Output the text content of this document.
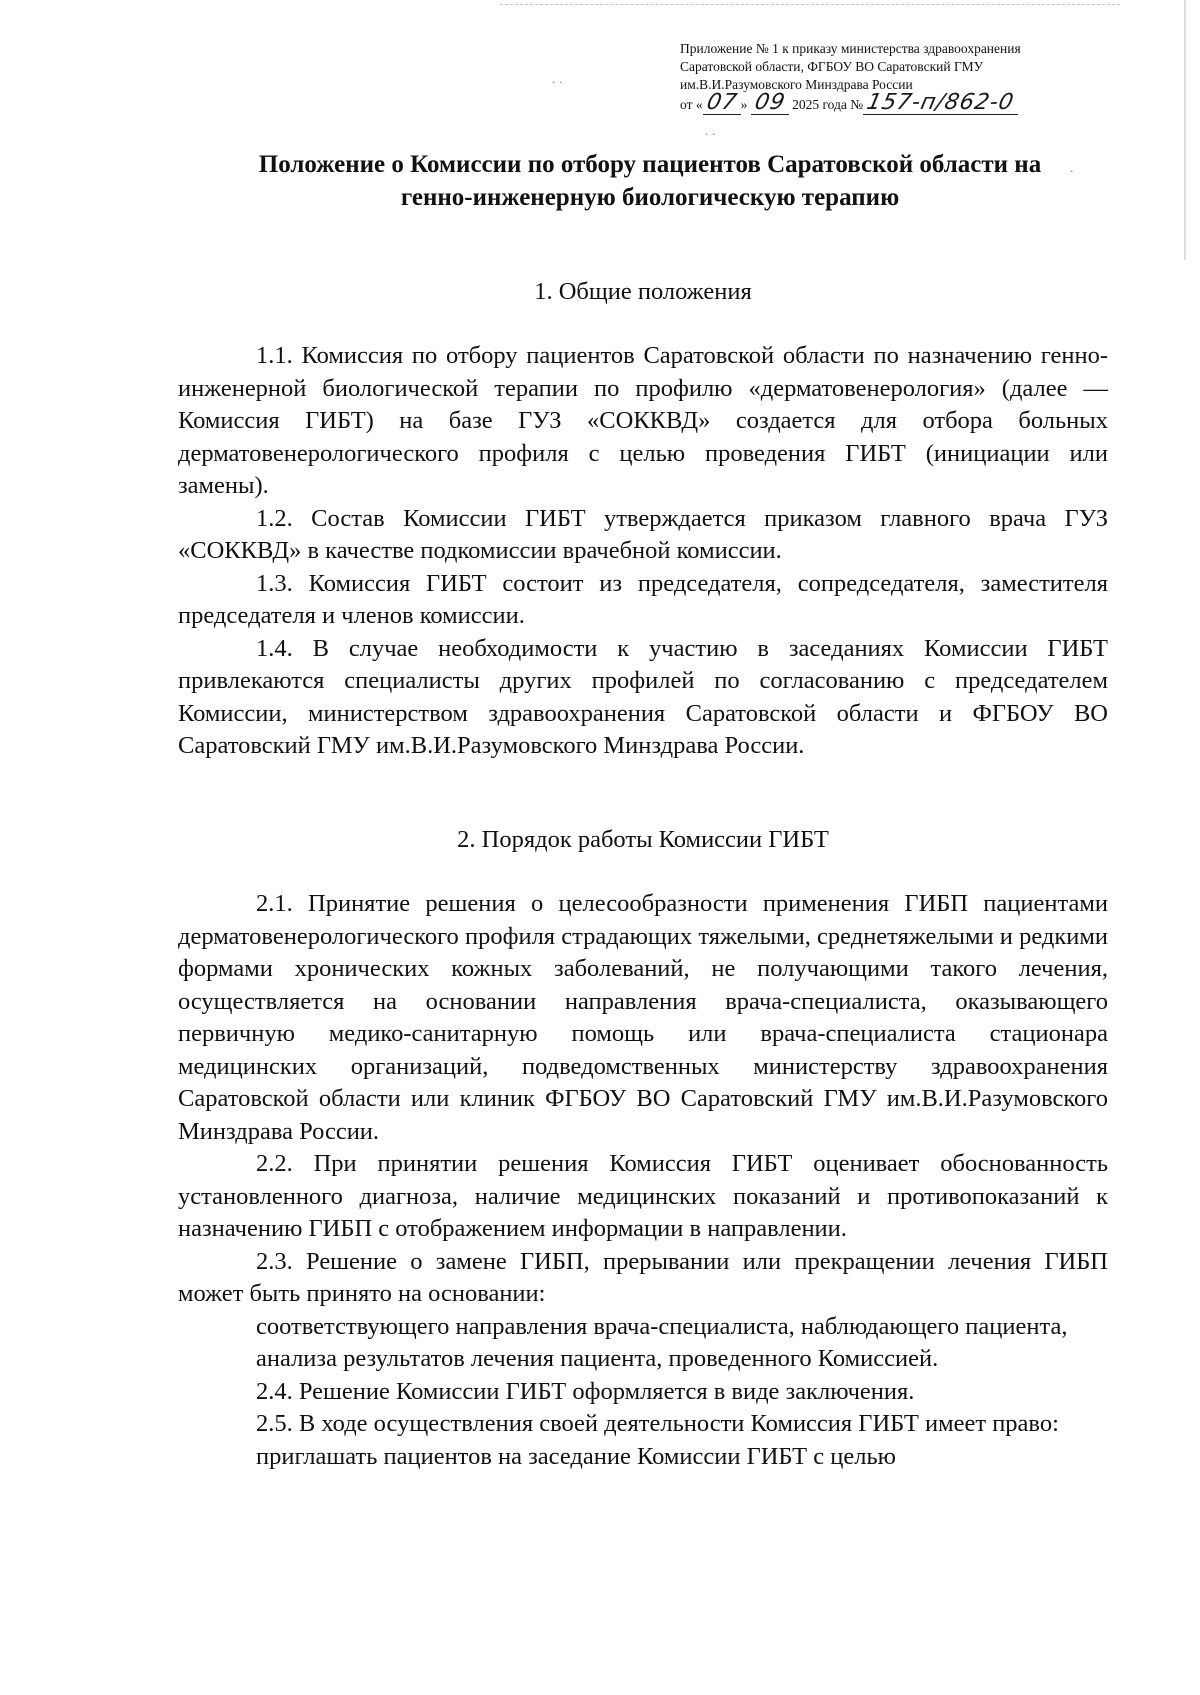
· ·
·
· ·
Приложение № 1 к приказу министерства здравоохранения
Саратовской области, ФГБОУ ВО Саратовский ГМУ
им.В.И.Разумовского Минздрава России
от «07» 09 2025 года №157-п/862-0
Положение о Комиссии по отбору пациентов Саратовской области на генно-инженерную биологическую терапию
1. Общие положения

1.1. Комиссия по отбору пациентов Саратовской области по назначению генно-инженерной биологической терапии по профилю «дерматовенерология» (далее — Комиссия ГИБТ) на базе ГУЗ «СОККВД» создается для отбора больных дерматовенерологического профиля с целью проведения ГИБТ (инициации или замены).

1.2. Состав Комиссии ГИБТ утверждается приказом главного врача ГУЗ «СОККВД» в качестве подкомиссии врачебной комиссии.

1.3. Комиссия ГИБТ состоит из председателя, сопредседателя, заместителя председателя и членов комиссии.

1.4. В случае необходимости к участию в заседаниях Комиссии ГИБТ привлекаются специалисты других профилей по согласованию с председателем Комиссии, министерством здравоохранения Саратовской области и ФГБОУ ВО Саратовский ГМУ им.В.И.Разумовского Минздрава России.

2. Порядок работы Комиссии ГИБТ

2.1. Принятие решения о целесообразности применения ГИБП пациентами дерматовенерологического профиля страдающих тяжелыми, среднетяжелыми и редкими формами хронических кожных заболеваний, не получающими такого лечения, осуществляется на основании направления врача-специалиста, оказывающего первичную медико-санитарную помощь или врача-специалиста стационара медицинских организаций, подведомственных министерству здравоохранения Саратовской области или клиник ФГБОУ ВО Саратовский ГМУ им.В.И.Разумовского Минздрава России.

2.2. При принятии решения Комиссия ГИБТ оценивает обоснованность установленного диагноза, наличие медицинских показаний и противопоказаний к назначению ГИБП с отображением информации в направлении.

2.3. Решение о замене ГИБП, прерывании или прекращении лечения ГИБП может быть принято на основании:

соответствующего направления врача-специалиста, наблюдающего пациента,

анализа результатов лечения пациента, проведенного Комиссией.

2.4. Решение Комиссии ГИБТ оформляется в виде заключения.

2.5. В ходе осуществления своей деятельности Комиссия ГИБТ имеет право:

приглашать пациентов на заседание Комиссии ГИБТ с целью
